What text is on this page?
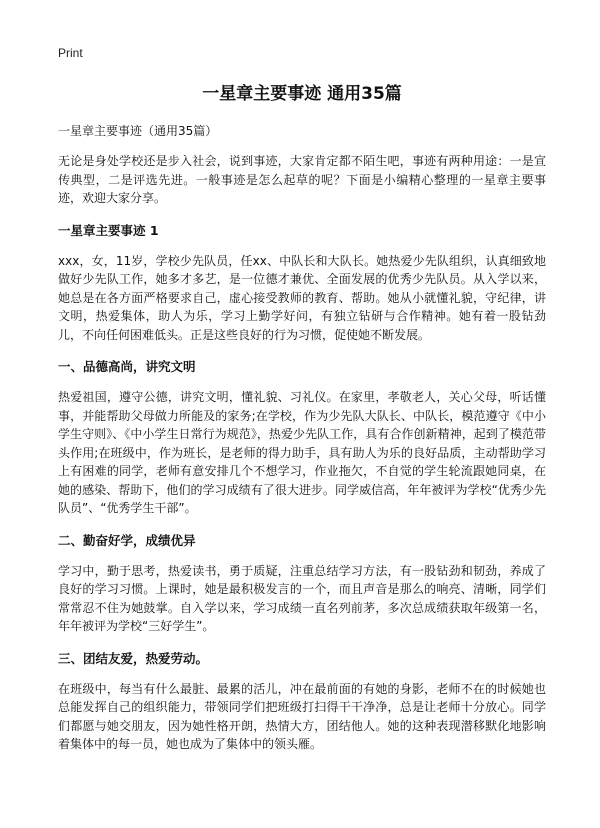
Print
一星章主要事迹 通用35篇
一星章主要事迹（通用35篇）

无论是身处学校还是步入社会，说到事迹，大家肯定都不陌生吧，事迹有两种用途：一是宣传典型，二是评选先进。一般事迹是怎么起草的呢？下面是小编精心整理的一星章主要事迹，欢迎大家分享。

一星章主要事迹 1

xxx，女，11岁，学校少先队员，任xx、中队长和大队长。她热爱少先队组织，认真细致地做好少先队工作，她多才多艺，是一位德才兼优、全面发展的优秀少先队员。从入学以来，她总是在各方面严格要求自己，虚心接受教师的教育、帮助。她从小就懂礼貌，守纪律，讲文明，热爱集体，助人为乐，学习上勤学好问，有独立钻研与合作精神。她有着一股钻劲儿，不向任何困难低头。正是这些良好的行为习惯，促使她不断发展。

一、品德高尚，讲究文明

热爱祖国，遵守公德，讲究文明，懂礼貌、习礼仪。在家里，孝敬老人，关心父母，听话懂事，并能帮助父母做力所能及的家务;在学校，作为少先队大队长、中队长，模范遵守《中小学生守则》、《中小学生日常行为规范》，热爱少先队工作，具有合作创新精神，起到了模范带头作用;在班级中，作为班长，是老师的得力助手，具有助人为乐的良好品质，主动帮助学习上有困难的同学，老师有意安排几个不想学习，作业拖欠，不自觉的学生轮流跟她同桌，在她的感染、帮助下，他们的学习成绩有了很大进步。同学威信高，年年被评为学校“优秀少先队员”、“优秀学生干部”。

二、勤奋好学，成绩优异

学习中，勤于思考，热爱读书，勇于质疑，注重总结学习方法，有一股钻劲和韧劲，养成了良好的学习习惯。上课时，她是最积极发言的一个，而且声音是那么的响亮、清晰，同学们常常忍不住为她鼓掌。自入学以来，学习成绩一直名列前茅，多次总成绩获取年级第一名，年年被评为学校“三好学生”。

三、团结友爱，热爱劳动。

在班级中，每当有什么最脏、最累的活儿，冲在最前面的有她的身影，老师不在的时候她也总能发挥自己的组织能力，带领同学们把班级打扫得干干净净，总是让老师十分放心。同学们都愿与她交朋友，因为她性格开朗，热情大方，团结他人。她的这种表现潜移默化地影响着集体中的每一员，她也成为了集体中的领头雁。
